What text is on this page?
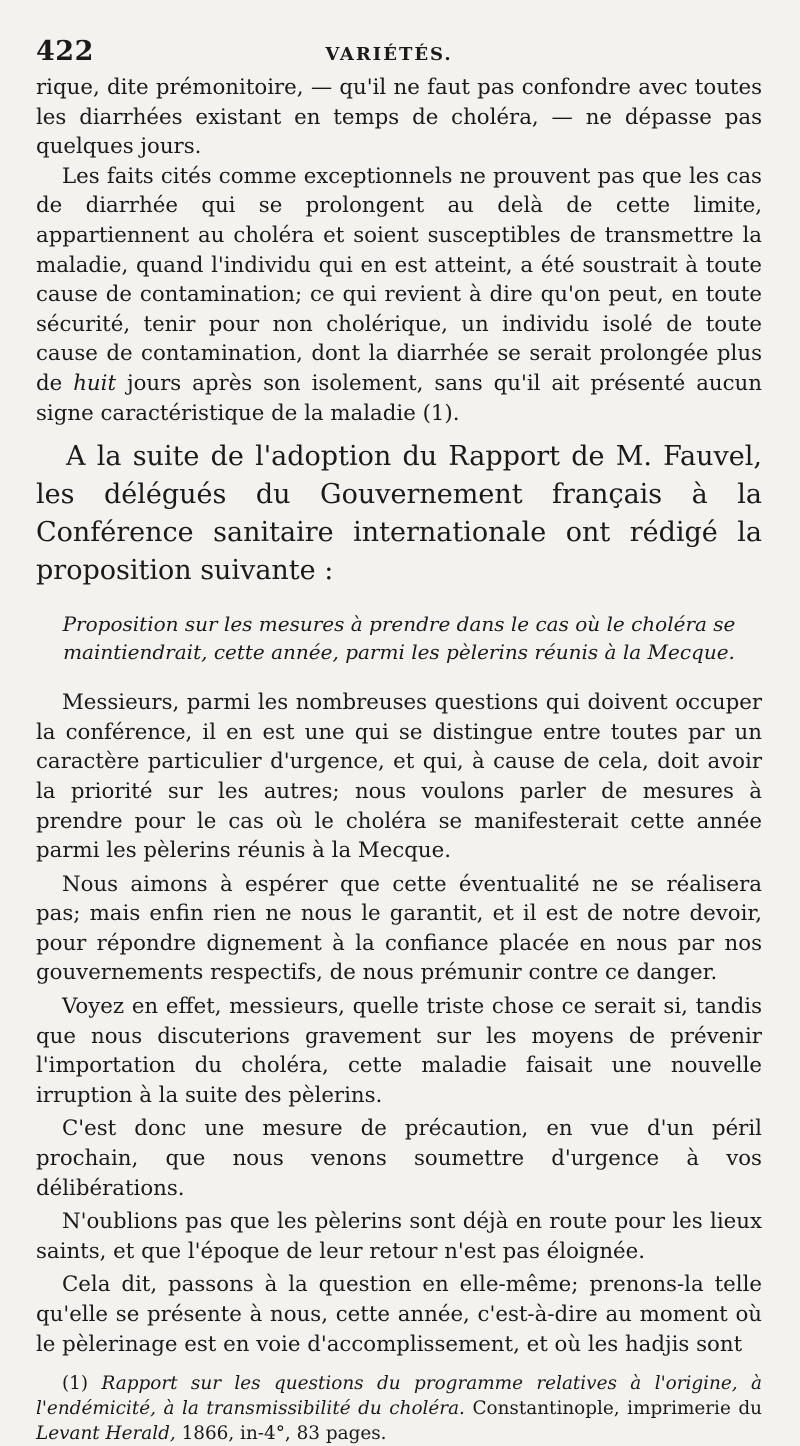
422	VARIÉTÉS.

rique, dite prémonitoire, — qu'il ne faut pas confondre avec toutes les diarrhées existant en temps de choléra, — ne dépasse pas quelques jours.

Les faits cités comme exceptionnels ne prouvent pas que les cas de diarrhée qui se prolongent au delà de cette limite, appartiennent au choléra et soient susceptibles de transmettre la maladie, quand l'individu qui en est atteint, a été soustrait à toute cause de contamination; ce qui revient à dire qu'on peut, en toute sécurité, tenir pour non cholérique, un individu isolé de toute cause de contamination, dont la diarrhée se serait prolongée plus de huit jours après son isolement, sans qu'il ait présenté aucun signe caractéristique de la maladie (1).

A la suite de l'adoption du Rapport de M. Fauvel, les délégués du Gouvernement français à la Conférence sanitaire internationale ont rédigé la proposition suivante :

Proposition sur les mesures à prendre dans le cas où le choléra se maintiendrait, cette année, parmi les pèlerins réunis à la Mecque.

Messieurs, parmi les nombreuses questions qui doivent occuper la conférence, il en est une qui se distingue entre toutes par un caractère particulier d'urgence, et qui, à cause de cela, doit avoir la priorité sur les autres; nous voulons parler de mesures à prendre pour le cas où le choléra se manifesterait cette année parmi les pèlerins réunis à la Mecque.

Nous aimons à espérer que cette éventualité ne se réalisera pas; mais enfin rien ne nous le garantit, et il est de notre devoir, pour répondre dignement à la confiance placée en nous par nos gouvernements respectifs, de nous prémunir contre ce danger.

Voyez en effet, messieurs, quelle triste chose ce serait si, tandis que nous discuterions gravement sur les moyens de prévenir l'importation du choléra, cette maladie faisait une nouvelle irruption à la suite des pèlerins.

C'est donc une mesure de précaution, en vue d'un péril prochain, que nous venons soumettre d'urgence à vos délibérations.

N'oublions pas que les pèlerins sont déjà en route pour les lieux saints, et que l'époque de leur retour n'est pas éloignée.

Cela dit, passons à la question en elle-même; prenons-la telle qu'elle se présente à nous, cette année, c'est-à-dire au moment où le pèlerinage est en voie d'accomplissement, et où les hadjis sont

(1) Rapport sur les questions du programme relatives à l'origine, à l'endémicité, à la transmissibilité du choléra. Constantinople, imprimerie du Levant Herald, 1866, in-4°, 83 pages.
